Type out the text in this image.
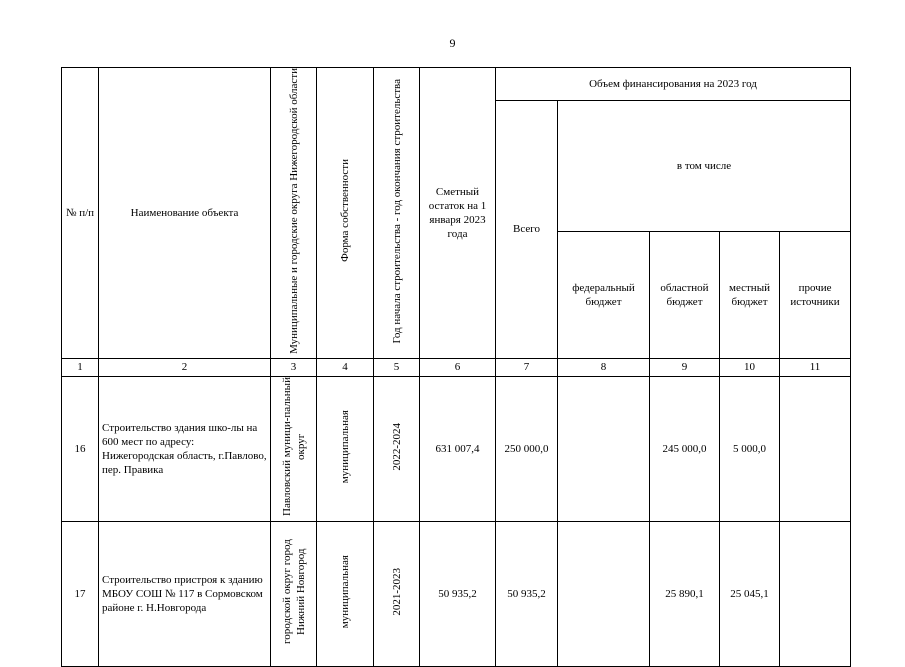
9
№ п/п	Наименование объекта	Муниципальные и городские округа Нижегородской области	Форма собственности	Год начала строительства - год окончания строительства	Сметный остаток на 1 января 2023 года	Объем финансирования на 2023 год				
						Всего	в том числе			
							федеральный бюджет	областной бюджет	местный бюджет	прочие источники
1	2	3	4	5	6	7	8	9	10	11
16	Строительство здания шко-лы на 600 мест по адресу: Нижегородская область, г.Павлово, пер. Правика	Павловский муници-пальный округ	муниципальная	2022-2024	631 007,4	250 000,0		245 000,0	5 000,0	
17	Строительство пристроя к зданию МБОУ СОШ № 117 в Сормовском районе г. Н.Новгорода	городской округ город Нижний Новгород	муниципальная	2021-2023	50 935,2	50 935,2		25 890,1	25 045,1	
